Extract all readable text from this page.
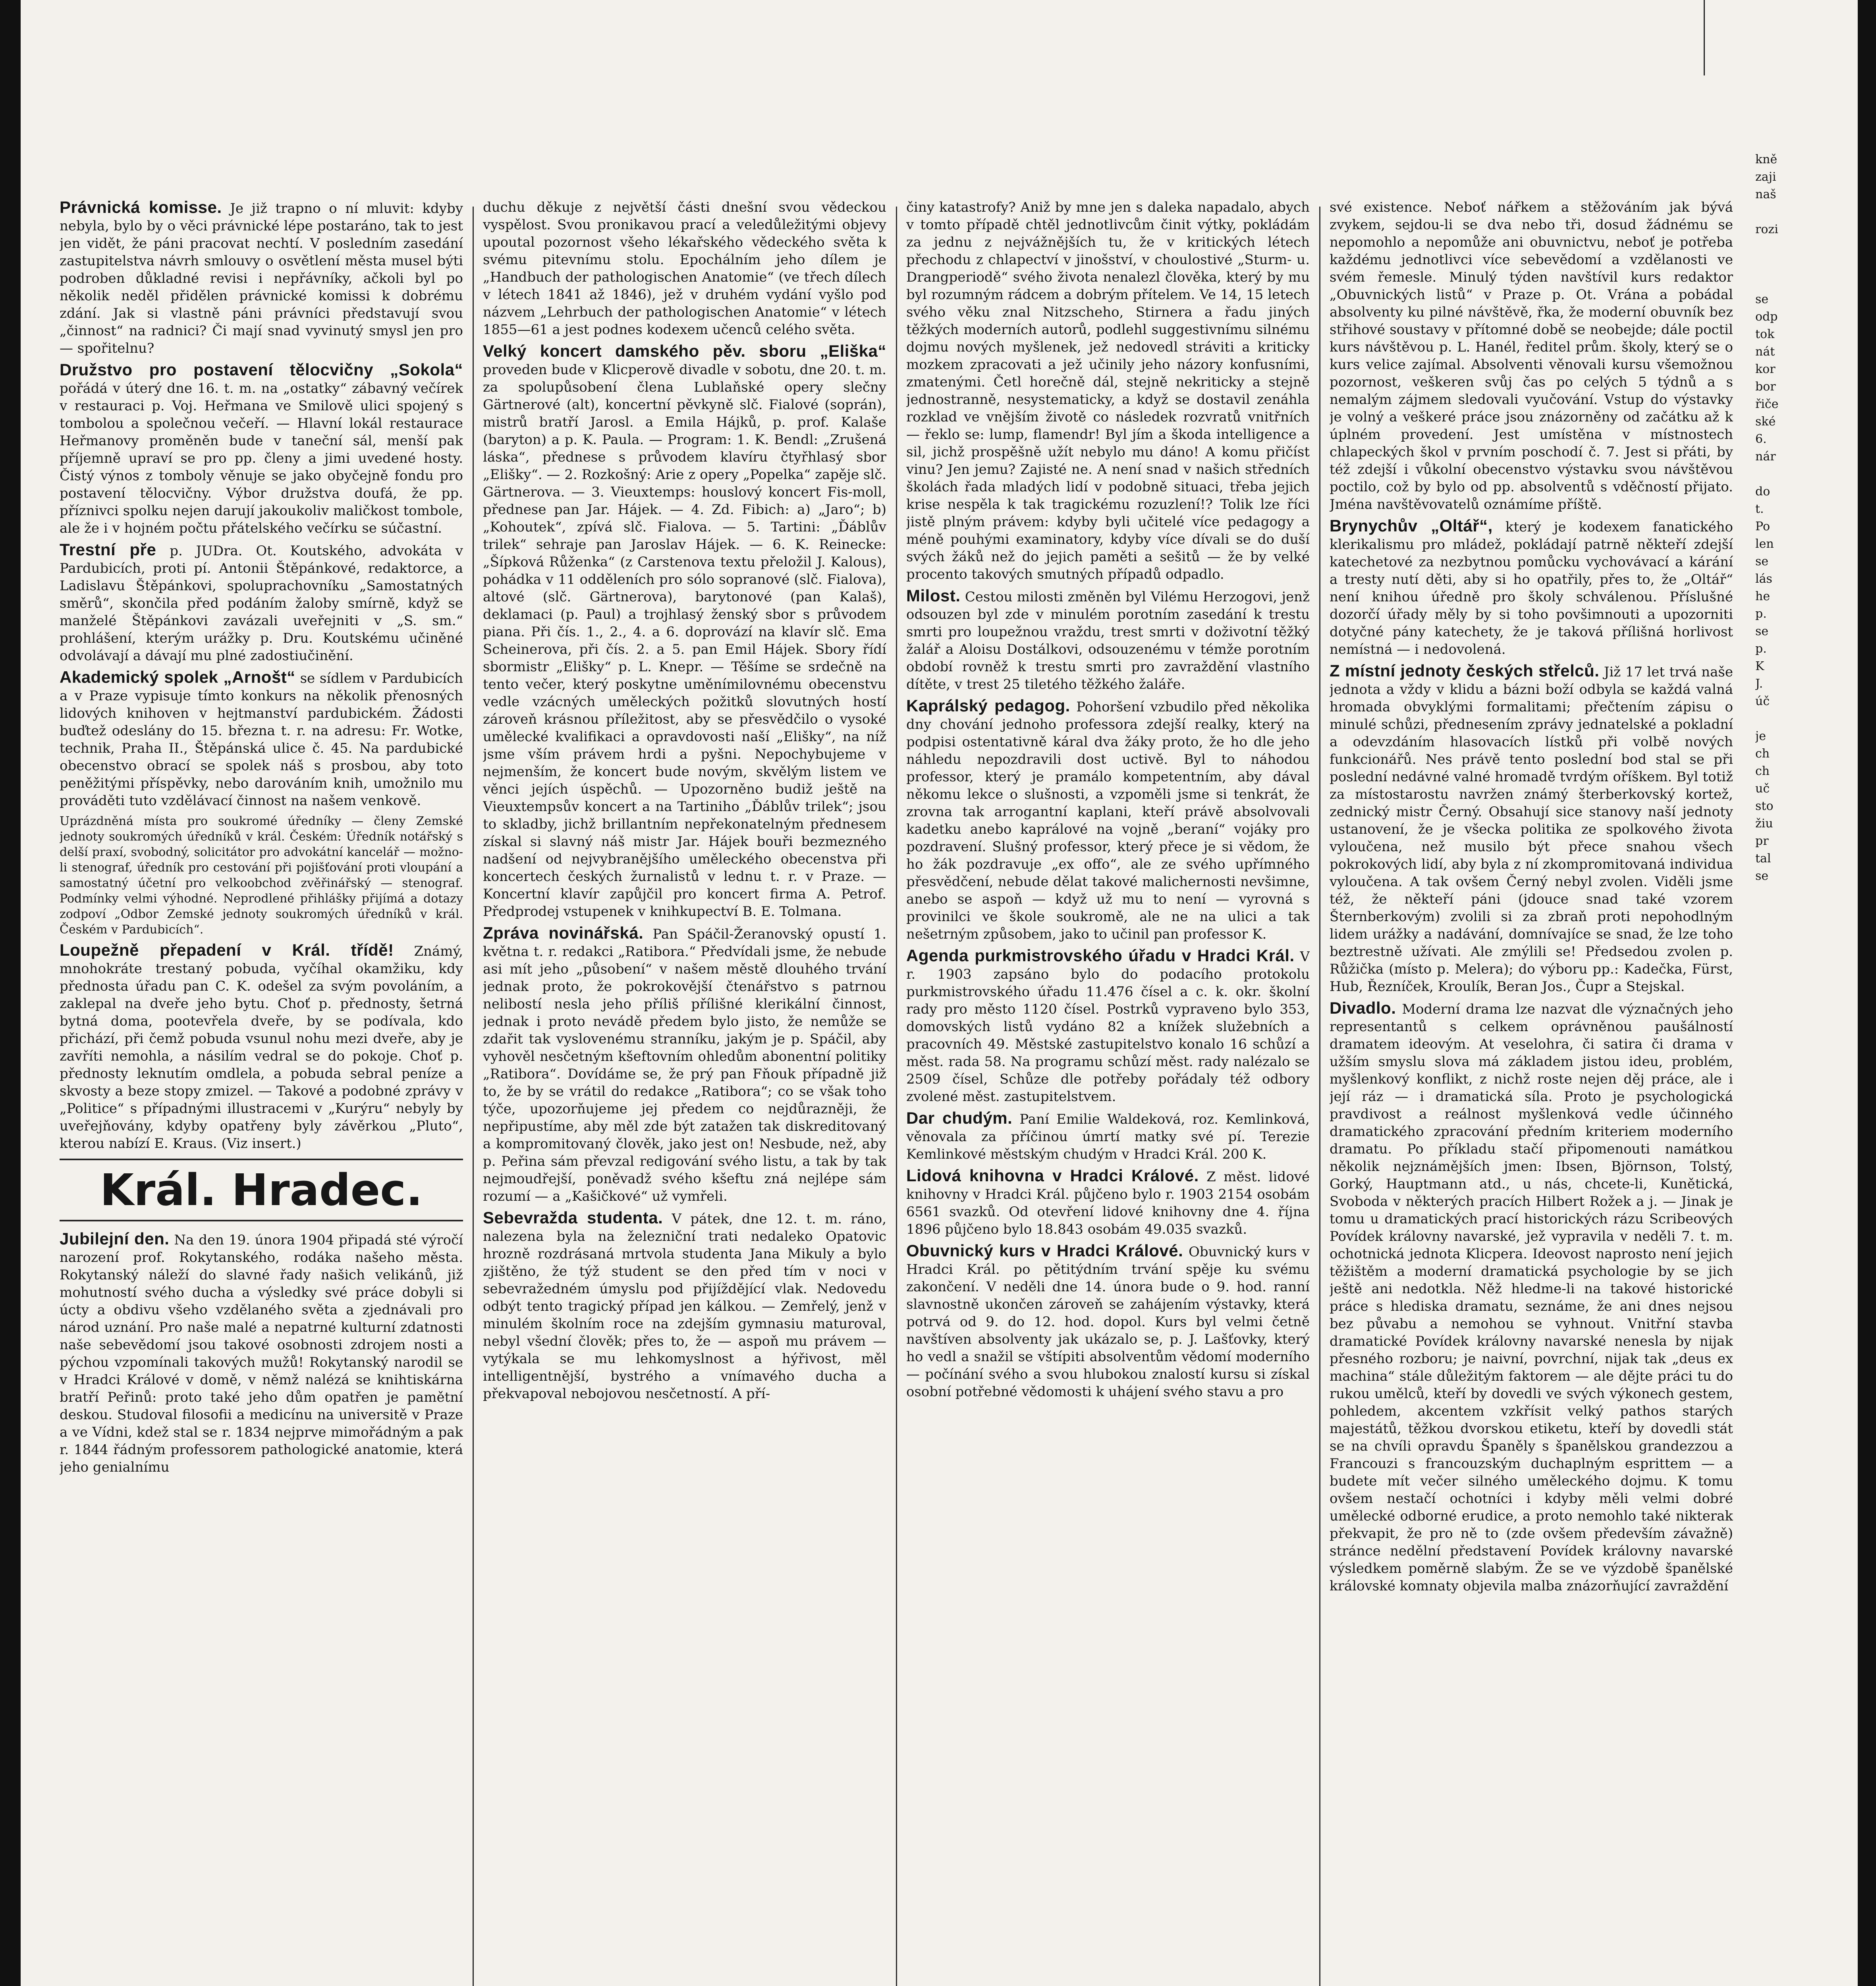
Právnická komisse. Je již trapno o ní mluvit: kdyby nebyla, bylo by o věci právnické lépe postaráno, tak to jest jen vidět, že páni pracovat nechtí. V posledním zasedání zastupitelstva návrh smlouvy o osvětlení města musel býti podroben důkladné revisi i nepřávníky, ačkoli byl po několik neděl přidělen právnické komissi k dobrému zdání. Jak si vlastně páni právníci představují svou „činnost“ na radnici? Či mají snad vyvinutý smysl jen pro — spořitelnu?

Družstvo pro postavení tělocvičny „Sokola“ pořádá v úterý dne 16. t. m. na „ostatky“ zábavný večírek v restauraci p. Voj. Heřmana ve Smilově ulici spojený s tombolou a společnou večeří. — Hlavní lokál restaurace Heřmanovy proměněn bude v taneční sál, menší pak příjemně upraví se pro pp. členy a jimi uvedené hosty. Čistý výnos z tomboly věnuje se jako obyčejně fondu pro postavení tělocvičny. Výbor družstva doufá, že pp. příznivci spolku nejen darují jakoukoliv maličkost tombole, ale že i v hojném počtu přátelského večírku se súčastní.

Trestní pře p. JUDra. Ot. Koutského, advokáta v Pardubicích, proti pí. Antonii Štěpánkové, redaktorce, a Ladislavu Štěpánkovi, spoluprachovníku „Samostatných směrů“, skončila před podáním žaloby smírně, když se manželé Štěpánkovi zavázali uveřejniti v „S. sm.“ prohlášení, kterým urážky p. Dru. Koutskému učiněné odvolávají a dávají mu plné zadostiučinění.

Akademický spolek „Arnošt“ se sídlem v Pardubicích a v Praze vypisuje tímto konkurs na několik přenosných lidových knihoven v hejtmanství pardubickém. Žádosti buďtež odeslány do 15. března t. r. na adresu: Fr. Wotke, technik, Praha II., Štěpánská ulice č. 45. Na pardubické obecenstvo obrací se spolek náš s prosbou, aby toto peněžitými příspěvky, nebo darováním knih, umožnilo mu prováděti tuto vzdělávací činnost na našem venkově.

Uprázdněná místa pro soukromé úředníky — členy Zemské jednoty soukromých úředníků v král. Českém: Úředník notářský s delší praxí, svobodný, solicitátor pro advokátní kancelář — možno-li stenograf, úředník pro cestování při pojišťování proti vloupání a samostatný účetní pro velkoobchod zvěřinářský — stenograf. Podmínky velmi výhodné. Neprodlené přihlášky přijímá a dotazy zodpoví „Odbor Zemské jednoty soukromých úředníků v král. Českém v Pardubicích“.

Loupežně přepadení v Král. třídě! Známý, mnohokráte trestaný pobuda, vyčíhal okamžiku, kdy přednosta úřadu pan C. K. odešel za svým povoláním, a zaklepal na dveře jeho bytu. Choť p. přednosty, šetrná bytná doma, pootevřela dveře, by se podívala, kdo přichází, při čemž pobuda vsunul nohu mezi dveře, aby je zavříti nemohla, a násilím vedral se do pokoje. Choť p. přednosty leknutím omdlela, a pobuda sebral peníze a skvosty a beze stopy zmizel. — Takové a podobné zprávy v „Politice“ s případnými illustracemi v „Kurýru“ nebyly by uveřejňovány, kdyby opatřeny byly závěrkou „Pluto“, kterou nabízí E. Kraus. (Viz insert.)

Král. Hradec.

Jubilejní den. Na den 19. února 1904 připadá sté výročí narození prof. Rokytanského, rodáka našeho města. Rokytanský náleží do slavné řady našich velikánů, již mohutností svého ducha a výsledky své práce dobyli si úcty a obdivu všeho vzdělaného světa a zjednávali pro národ uznání. Pro naše malé a nepatrné kulturní zdatnosti naše sebevědomí jsou takové osobnosti zdrojem nosti a pýchou vzpomínali takových mužů! Rokytanský narodil se v Hradci Králové v domě, v němž nalézá se knihtiskárna bratří Peřinů: proto také jeho dům opatřen je pamětní deskou. Studoval filosofii a medicínu na universitě v Praze a ve Vídni, kdež stal se r. 1834 nejprve mimořádným a pak r. 1844 řádným professorem pathologické anatomie, která jeho genialnímu

duchu děkuje z největší části dnešní svou vědeckou vyspělost. Svou pronikavou prací a veledůležitými objevy upoutal pozornost všeho lékařského vědeckého světa k svému pitevnímu stolu. Epochálním jeho dílem je „Handbuch der pathologischen Anatomie“ (ve třech dílech v létech 1841 až 1846), jež v druhém vydání vyšlo pod názvem „Lehrbuch der pathologischen Anatomie“ v létech 1855—61 a jest podnes kodexem učenců celého světa.

Velký koncert damského pěv. sboru „Eliška“ proveden bude v Klicperově divadle v sobotu, dne 20. t. m. za spolupůsobení člena Lublaňské opery slečny Gärtnerové (alt), koncertní pěvkyně slč. Fialové (soprán), mistrů bratří Jarosl. a Emila Hájků, p. prof. Kalaše (baryton) a p. K. Paula. — Program: 1. K. Bendl: „Zrušená láska“, přednese s průvodem klavíru čtyřhlasý sbor „Elišky“. — 2. Rozkošný: Arie z opery „Popelka“ zapěje slč. Gärtnerova. — 3. Vieuxtemps: houslový koncert Fis-moll, přednese pan Jar. Hájek. — 4. Zd. Fibich: a) „Jaro“; b) „Kohoutek“, zpívá slč. Fialova. — 5. Tartini: „Ďáblův trilek“ sehraje pan Jaroslav Hájek. — 6. K. Reinecke: „Šípková Růženka“ (z Carstenova textu přeložil J. Kalous), pohádka v 11 odděleních pro sólo sopranové (slč. Fialova), altové (slč. Gärtnerova), barytonové (pan Kalaš), deklamaci (p. Paul) a trojhlasý ženský sbor s průvodem piana. Při čís. 1., 2., 4. a 6. doprovází na klavír slč. Ema Scheinerova, při čís. 2. a 5. pan Emil Hájek. Sbory řídí sbormistr „Elišky“ p. L. Knepr. — Těšíme se srdečně na tento večer, který poskytne uměnímilovnému obecenstvu vedle vzácných uměleckých požitků slovutných hostí zároveň krásnou příležitost, aby se přesvědčilo o vysoké umělecké kvalifikaci a opravdovosti naší „Elišky“, na níž jsme vším právem hrdi a pyšni. Nepochybujeme v nejmenším, že koncert bude novým, skvělým listem ve věnci jejích úspěchů. — Upozorněno budiž ještě na Vieuxtempsův koncert a na Tartiniho „Ďáblův trilek“; jsou to skladby, jichž brillantním nepřekonatelným přednesem získal si slavný náš mistr Jar. Hájek bouři bezmezného nadšení od nejvybranějšího uměleckého obecenstva při koncertech českých žurnalistů v lednu t. r. v Praze. — Koncertní klavír zapůjčil pro koncert firma A. Petrof. Předprodej vstupenek v knihkupectví B. E. Tolmana.

Zpráva novinářská. Pan Spáčil-Žeranovský opustí 1. května t. r. redakci „Ratibora.“ Předvídali jsme, že nebude asi mít jeho „působení“ v našem městě dlouhého trvání jednak proto, že pokrokovější čtenářstvo s patrnou nelibostí nesla jeho příliš přílišné klerikální činnost, jednak i proto nevádě předem bylo jisto, že nemůže se zdařit tak vyslovenému stranníku, jakým je p. Spáčil, aby vyhověl nesčetným kšeftovním ohledům abonentní politiky „Ratibora“. Dovídáme se, že prý pan Fňouk případně již to, že by se vrátil do redakce „Ratibora“; co se však toho týče, upozorňujeme jej předem co nejdůrazněji, že nepřipustíme, aby měl zde být zatažen tak diskreditovaný a kompromitovaný člověk, jako jest on! Nesbude, než, aby p. Peřina sám převzal redigování svého listu, a tak by tak nejmoudřejší, poněvadž svého kšeftu zná nejlépe sám rozumí — a „Kašičkové“ už vymřeli.

Sebevražda studenta. V pátek, dne 12. t. m. ráno, nalezena byla na železniční trati nedaleko Opatovic hrozně rozdrásaná mrtvola studenta Jana Mikuly a bylo zjištěno, že týž student se den před tím v noci v sebevražedném úmyslu pod přijíždějící vlak. Nedovedu odbýt tento tragický případ jen kálkou. — Zemřelý, jenž v minulém školním roce na zdejším gymnasiu maturoval, nebyl všední člověk; přes to, že — aspoň mu právem — vytýkala se mu lehkomyslnost a hýřivost, měl intelligentnější, bystrého a vnímavého ducha a překvapoval nebojovou nesčetností. A pří-

činy katastrofy? Aniž by mne jen s daleka napadalo, abych v tomto případě chtěl jednotlivcům činit výtky, pokládám za jednu z nejvážnějších tu, že v kritických létech přechodu z chlapectví v jinošství, v choulostivé „Sturm- u. Drangperiodě“ svého života nenalezl člověka, který by mu byl rozumným rádcem a dobrým přítelem. Ve 14, 15 letech svého věku znal Nitzscheho, Stirnera a řadu jiných těžkých moderních autorů, podlehl suggestivnímu silnému dojmu nových myšlenek, jež nedovedl stráviti a kriticky mozkem zpracovati a jež učinily jeho názory konfusními, zmatenými. Četl horečně dál, stejně nekriticky a stejně jednostranně, nesystematicky, a když se dostavil zenáhla rozklad ve vnějším životě co následek rozvratů vnitřních — řeklo se: lump, flamendr! Byl jím a škoda intelligence a sil, jichž prospěšně užít nebylo mu dáno! A komu přičíst vinu? Jen jemu? Zajisté ne. A není snad v našich středních školách řada mladých lidí v podobně situaci, třeba jejich krise nespěla k tak tragickému rozuzlení!? Tolik lze říci jistě plným právem: kdyby byli učitelé více pedagogy a méně pouhými examinatory, kdyby více dívali se do duší svých žáků než do jejich paměti a sešitů — že by velké procento takových smutných případů odpadlo.

Milost. Cestou milosti změněn byl Vilému Herzogovi, jenž odsouzen byl zde v minulém porotním zasedání k trestu smrti pro loupežnou vraždu, trest smrti v doživotní těžký žalář a Aloisu Dostálkovi, odsouzenému v témže porotním období rovněž k trestu smrti pro zavraždění vlastního dítěte, v trest 25 tiletého těžkého žaláře.

Kaprálský pedagog. Pohoršení vzbudilo před několika dny chování jednoho professora zdejší realky, který na podpisi ostentativně káral dva žáky proto, že ho dle jeho náhledu nepozdravili dost uctivě. Byl to náhodou professor, který je pramálo kompetentním, aby dával někomu lekce o slušnosti, a vzpoměli jsme si tenkrát, že zrovna tak arrogantní kaplani, kteří právě absolvovali kadetku anebo kaprálové na vojně „beraní“ vojáky pro pozdravení. Slušný professor, který přece je si vědom, že ho žák pozdravuje „ex offo“, ale ze svého upřímného přesvědčení, nebude dělat takové malichernosti nevšimne, anebo se aspoň — když už mu to není — vyrovná s provinilci ve škole soukromě, ale ne na ulici a tak nešetrným způsobem, jako to učinil pan professor K.

Agenda purkmistrovského úřadu v Hradci Král. V r. 1903 zapsáno bylo do podacího protokolu purkmistrovského úřadu 11.476 čísel a c. k. okr. školní rady pro město 1120 čísel. Postrků vypraveno bylo 353, domovských listů vydáno 82 a knížek služebních a pracovních 49. Městské zastupitelstvo konalo 16 schůzí a měst. rada 58. Na programu schůzí měst. rady nalézalo se 2509 čísel, Schůze dle potřeby pořádaly též odbory zvolené měst. zastupitelstvem.

Dar chudým. Paní Emilie Waldeková, roz. Kemlinková, věnovala za příčinou úmrtí matky své pí. Terezie Kemlinkové městským chudým v Hradci Král. 200 K.

Lidová knihovna v Hradci Králové. Z měst. lidové knihovny v Hradci Král. půjčeno bylo r. 1903 2154 osobám 6561 svazků. Od otevření lidové knihovny dne 4. října 1896 půjčeno bylo 18.843 osobám 49.035 svazků.

Obuvnický kurs v Hradci Králové. Obuvnický kurs v Hradci Král. po pětitýdním trvání spěje ku svému zakončení. V neděli dne 14. února bude o 9. hod. ranní slavnostně ukončen zároveň se zahájením výstavky, která potrvá od 9. do 12. hod. dopol. Kurs byl velmi četně navštíven absolventy jak ukázalo se, p. J. Lašťovky, který ho vedl a snažil se vštípiti absolventům vědomí moderního — počínání svého a svou hlubokou znalostí kursu si získal osobní potřebné vědomosti k uhájení svého stavu a pro

své existence. Neboť nářkem a stěžováním jak bývá zvykem, sejdou-li se dva nebo tři, dosud žádnému se nepomohlo a nepomůže ani obuvnictvu, neboť je potřeba každému jednotlivci více sebevědomí a vzdělanosti ve svém řemesle. Minulý týden navštívil kurs redaktor „Obuvnických listů“ v Praze p. Ot. Vrána a pobádal absolventy ku pilné návštěvě, řka, že moderní obuvník bez střihové soustavy v přítomné době se neobejde; dále poctil kurs návštěvou p. L. Hanél, ředitel prům. školy, který se o kurs velice zajímal. Absolventi věnovali kursu všemožnou pozornost, veškeren svůj čas po celých 5 týdnů a s nemalým zájmem sledovali vyučování. Vstup do výstavky je volný a veškeré práce jsou znázorněny od začátku až k úplném provedení. Jest umístěna v místnostech chlapeckých škol v prvním poschodí č. 7. Jest si přáti, by též zdejší i vůkolní obecenstvo výstavku svou návštěvou poctilo, což by bylo od pp. absolventů s vděčností přijato. Jména navštěvovatelů oznámíme příště.

Brynychův „Oltář“, který je kodexem fanatického klerikalismu pro mládež, pokládají patrně někteří zdejší katechetové za nezbytnou pomůcku vychovávací a kárání a tresty nutí děti, aby si ho opatřily, přes to, že „Oltář“ není knihou úředně pro školy schválenou. Příslušné dozorčí úřady měly by si toho povšimnouti a upozorniti dotyčné pány katechety, že je taková přílišná horlivost nemístná — i nedovolená.

Z místní jednoty českých střelců. Již 17 let trvá naše jednota a vždy v klidu a bázni boží odbyla se každá valná hromada obvyklými formalitami; přečtením zápisu o minulé schůzi, přednesením zprávy jednatelské a pokladní a odevzdáním hlasovacích lístků při volbě nových funkcionářů. Nes právě tento poslední bod stal se při poslední nedávné valné hromadě tvrdým oříškem. Byl totiž za místostarostu navržen známý šterberkovský kortež, zednický mistr Černý. Obsahují sice stanovy naší jednoty ustanovení, že je všecka politika ze spolkového života vyloučena, než musilo být přece snahou všech pokrokových lidí, aby byla z ní zkompromitovaná individua vyloučena. A tak ovšem Černý nebyl zvolen. Viděli jsme též, že někteří páni (jdouce snad také vzorem Šternberkovým) zvolili si za zbraň proti nepohodlným lidem urážky a nadávání, domnívajíce se snad, že lze toho beztrestně užívati. Ale zmýlili se! Předsedou zvolen p. Růžička (místo p. Melera); do výboru pp.: Kadečka, Fürst, Hub, Řezníček, Kroulík, Beran Jos., Čupr a Stejskal.

Divadlo. Moderní drama lze nazvat dle význačných jeho representantů s celkem oprávněnou paušálností dramatem ideovým. At veselohra, či satira či drama v užším smyslu slova má základem jistou ideu, problém, myšlenkový konflikt, z nichž roste nejen děj práce, ale i její ráz — i dramatická síla. Proto je psychologická pravdivost a reálnost myšlenková vedle účinného dramatického zpracování předním kriteriem moderního dramatu. Po příkladu stačí připomenouti namátkou několik nejznámějších jmen: Ibsen, Björnson, Tolstý, Gorký, Hauptmann atd., u nás, chcete-li, Kunětická, Svoboda v některých pracích Hilbert Rožek a j. — Jinak je tomu u dramatických prací historických rázu Scribeových Povídek královny navarské, jež vypravila v neděli 7. t. m. ochotnická jednota Klicpera. Ideovost naprosto není jejich těžištěm a moderní dramatická psychologie by se jich ještě ani nedotkla. Něž hledme-li na takové historické práce s hlediska dramatu, seznáme, že ani dnes nejsou bez půvabu a nemohou se vyhnout. Vnitřní stavba dramatické Povídek královny navarské nenesla by nijak přesného rozboru; je naivní, povrchní, nijak tak „deus ex machina“ stále důležitým faktorem — ale dějte práci tu do rukou umělců, kteří by dovedli ve svých výkonech gestem, pohledem, akcentem vzkřísit velký pathos starých majestátů, těžkou dvorskou etiketu, kteří by dovedli stát se na chvíli opravdu Španěly s španělskou grandezzou a Francouzi s francouzským duchaplným esprittem — a budete mít večer silného uměleckého dojmu. K tomu ovšem nestačí ochotníci i kdyby měli velmi dobré umělecké odborné erudice, a proto nemohlo také nikterak překvapit, že pro ně to (zde ovšem především závažně) stránce nedělní představení Povídek královny navarské výsledkem poměrně slabým. Že se ve výzdobě španělské královské komnaty objevila malba znázorňující zavraždění

kně
zaji
naš
rozi
se
odp
tok
nát
kor
bor
řiče
ské
6.
nár
do
t.
Po
len
se
lás
he
p.
se
p.
K
J.
úč
je
ch
ch
uč
sto
žiu
pr
tal
se
